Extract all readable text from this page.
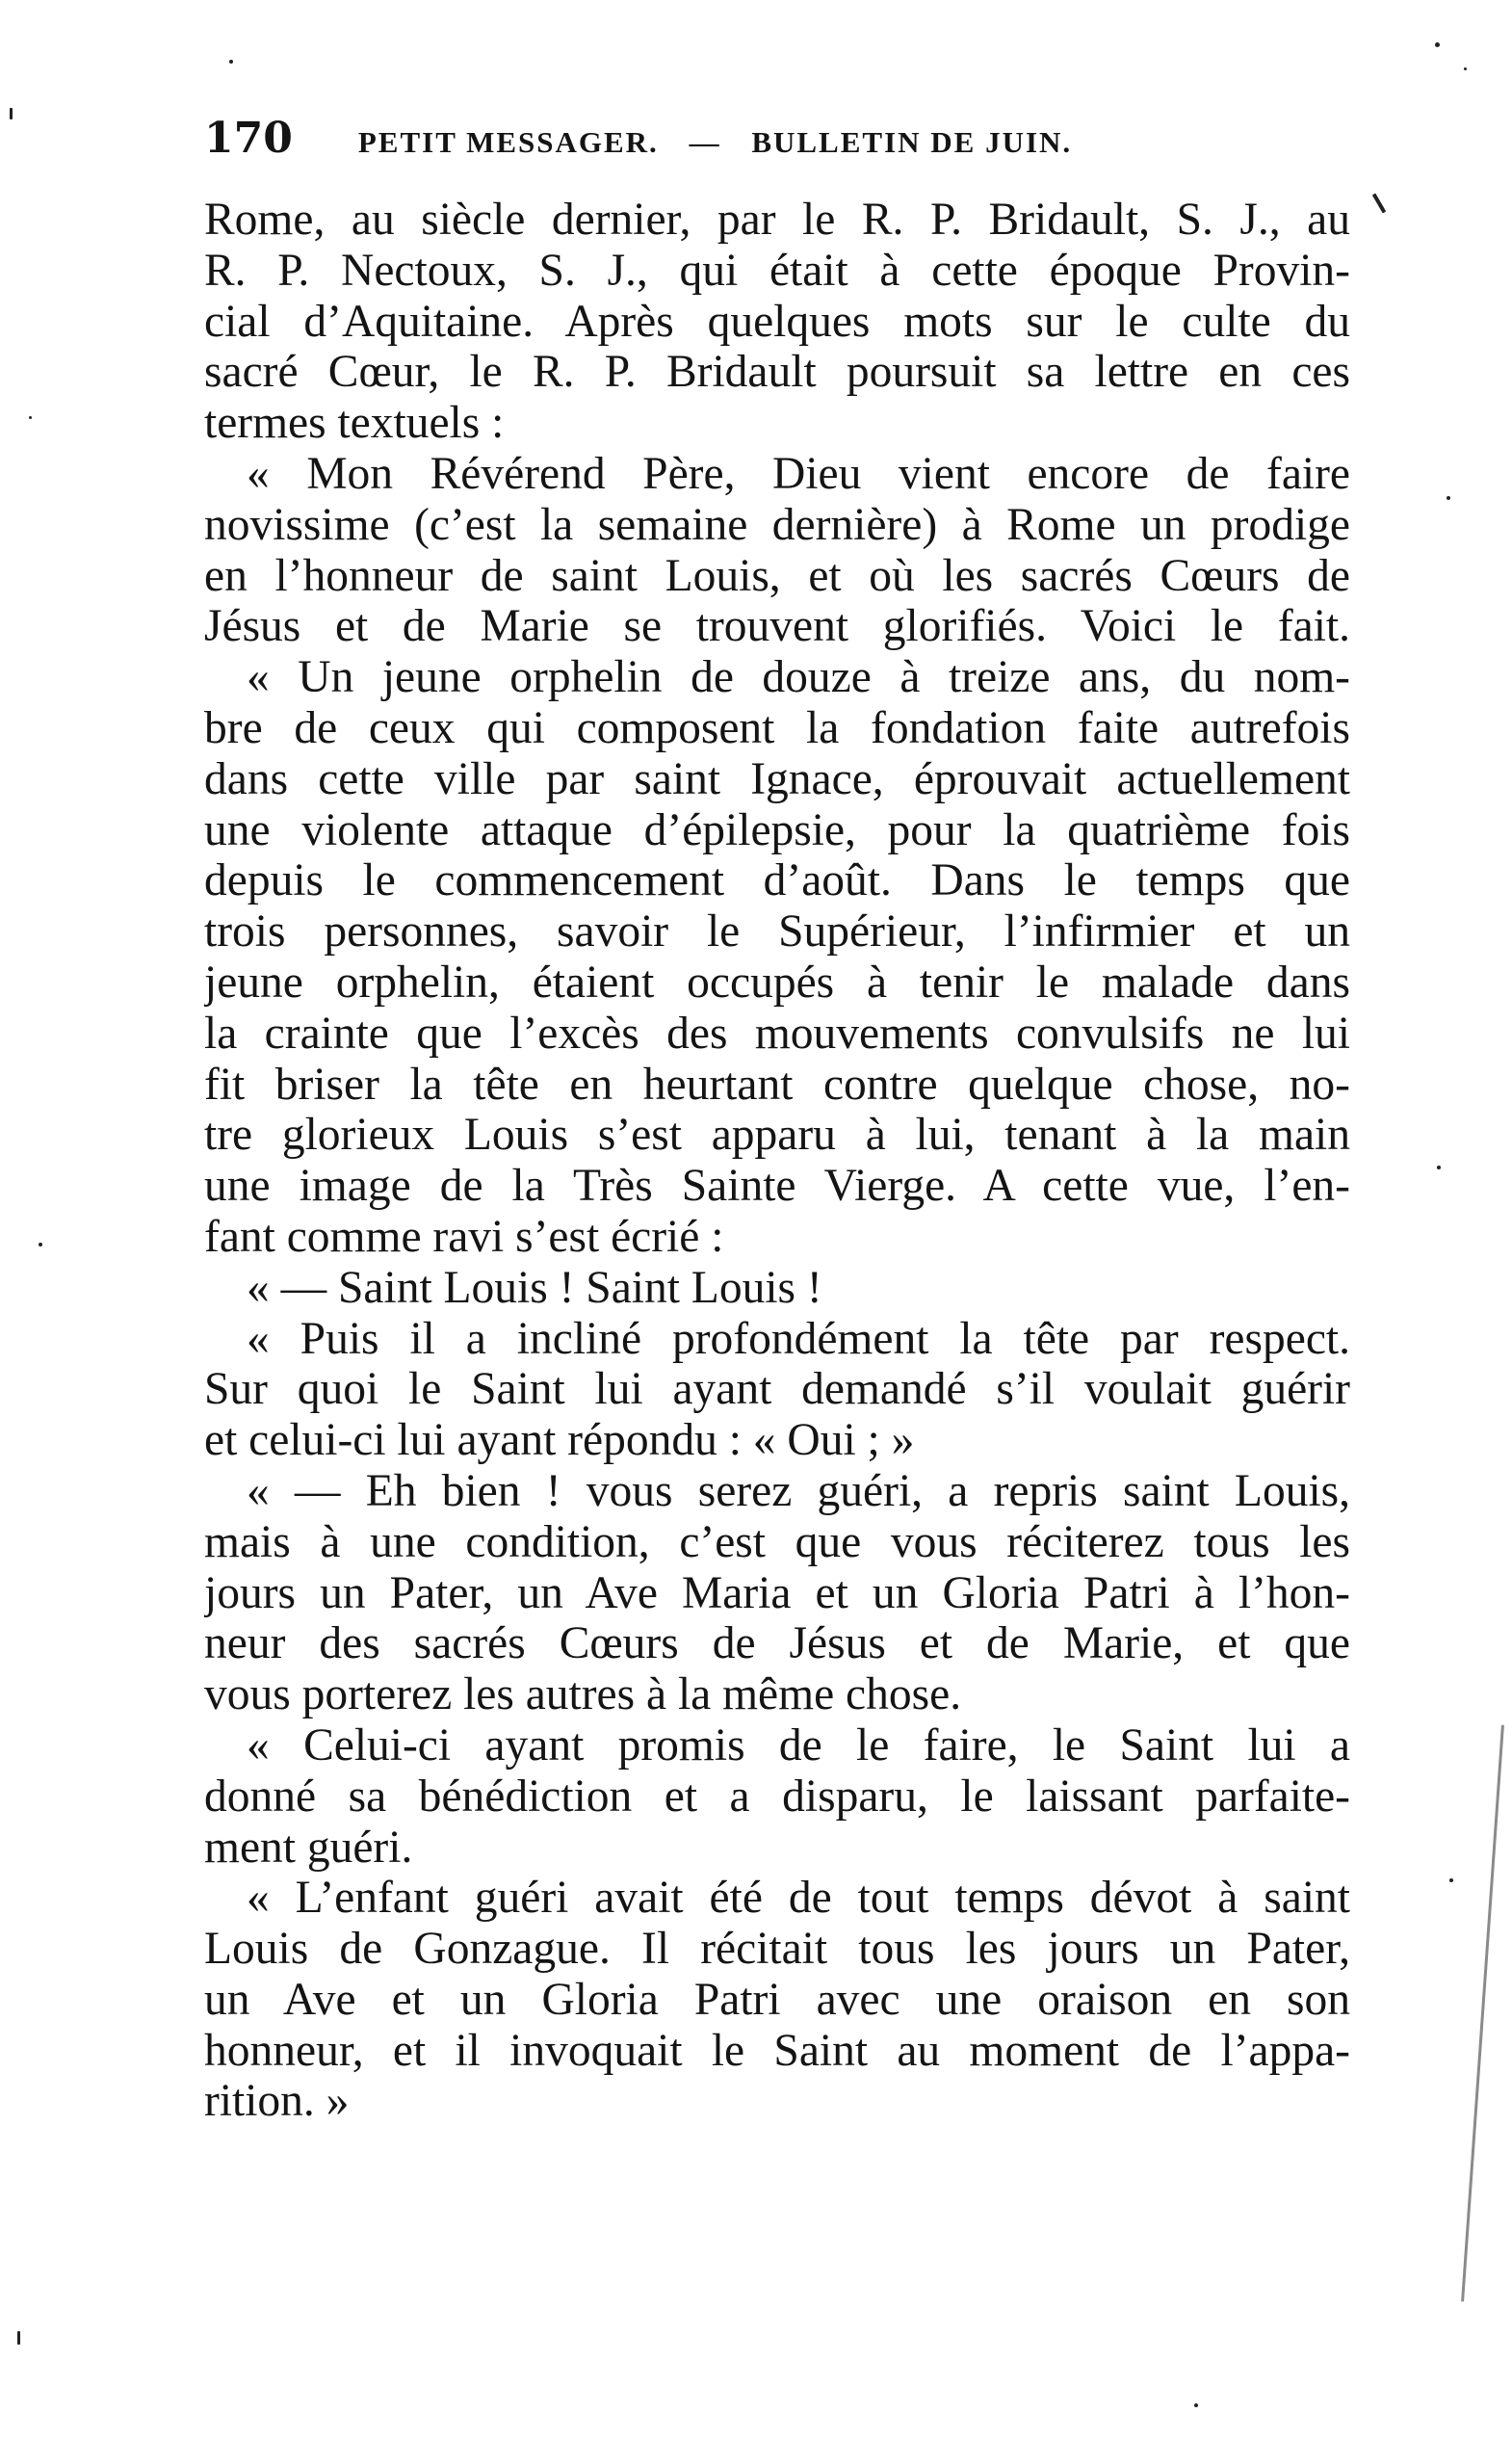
170 PETIT MESSAGER. — BULLETIN DE JUIN.
Rome, au siècle dernier, par le R. P. Bridault, S. J., au
R. P. Nectoux, S. J., qui était à cette époque Provin-
cial d’Aquitaine. Après quelques mots sur le culte du
sacré Cœur, le R. P. Bridault poursuit sa lettre en ces
termes textuels :
« Mon Révérend Père, Dieu vient encore de faire
novissime (c’est la semaine dernière) à Rome un prodige
en l’honneur de saint Louis, et où les sacrés Cœurs de
Jésus et de Marie se trouvent glorifiés. Voici le fait.
« Un jeune orphelin de douze à treize ans, du nom-
bre de ceux qui composent la fondation faite autrefois
dans cette ville par saint Ignace, éprouvait actuellement
une violente attaque d’épilepsie, pour la quatrième fois
depuis le commencement d’août. Dans le temps que
trois personnes, savoir le Supérieur, l’infirmier et un
jeune orphelin, étaient occupés à tenir le malade dans
la crainte que l’excès des mouvements convulsifs ne lui
fit briser la tête en heurtant contre quelque chose, no-
tre glorieux Louis s’est apparu à lui, tenant à la main
une image de la Très Sainte Vierge. A cette vue, l’en-
fant comme ravi s’est écrié :
« — Saint Louis ! Saint Louis !
« Puis il a incliné profondément la tête par respect.
Sur quoi le Saint lui ayant demandé s’il voulait guérir
et celui-ci lui ayant répondu : « Oui ; »
« — Eh bien ! vous serez guéri, a repris saint Louis,
mais à une condition, c’est que vous réciterez tous les
jours un Pater, un Ave Maria et un Gloria Patri à l’hon-
neur des sacrés Cœurs de Jésus et de Marie, et que
vous porterez les autres à la même chose.
« Celui-ci ayant promis de le faire, le Saint lui a
donné sa bénédiction et a disparu, le laissant parfaite-
ment guéri.
« L’enfant guéri avait été de tout temps dévot à saint
Louis de Gonzague. Il récitait tous les jours un Pater,
un Ave et un Gloria Patri avec une oraison en son
honneur, et il invoquait le Saint au moment de l’appa-
rition. »
